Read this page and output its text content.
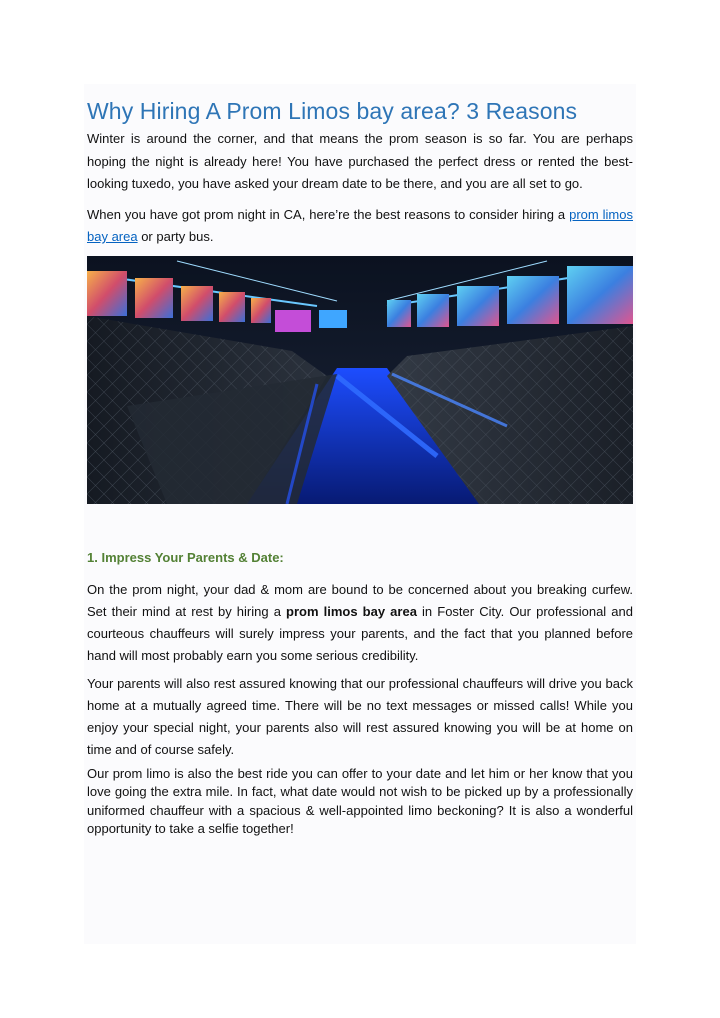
Why Hiring A Prom Limos bay area? 3 Reasons

Winter is around the corner, and that means the prom season is so far. You are perhaps hoping the night is already here! You have purchased the perfect dress or rented the best-looking tuxedo, you have asked your dream date to be there, and you are all set to go.

When you have got prom night in CA, here’re the best reasons to consider hiring a prom limos bay area or party bus.

1. Impress Your Parents & Date:

On the prom night, your dad & mom are bound to be concerned about you breaking curfew. Set their mind at rest by hiring a prom limos bay area in Foster City. Our professional and courteous chauffeurs will surely impress your parents, and the fact that you planned before hand will most probably earn you some serious credibility.

Your parents will also rest assured knowing that our professional chauffeurs will drive you back home at a mutually agreed time. There will be no text messages or missed calls! While you enjoy your special night, your parents also will rest assured knowing you will be at home on time and of course safely.

Our prom limo is also the best ride you can offer to your date and let him or her know that you love going the extra mile. In fact, what date would not wish to be picked up by a professionally uniformed chauffeur with a spacious & well-appointed limo beckoning? It is also a wonderful opportunity to take a selfie together!
